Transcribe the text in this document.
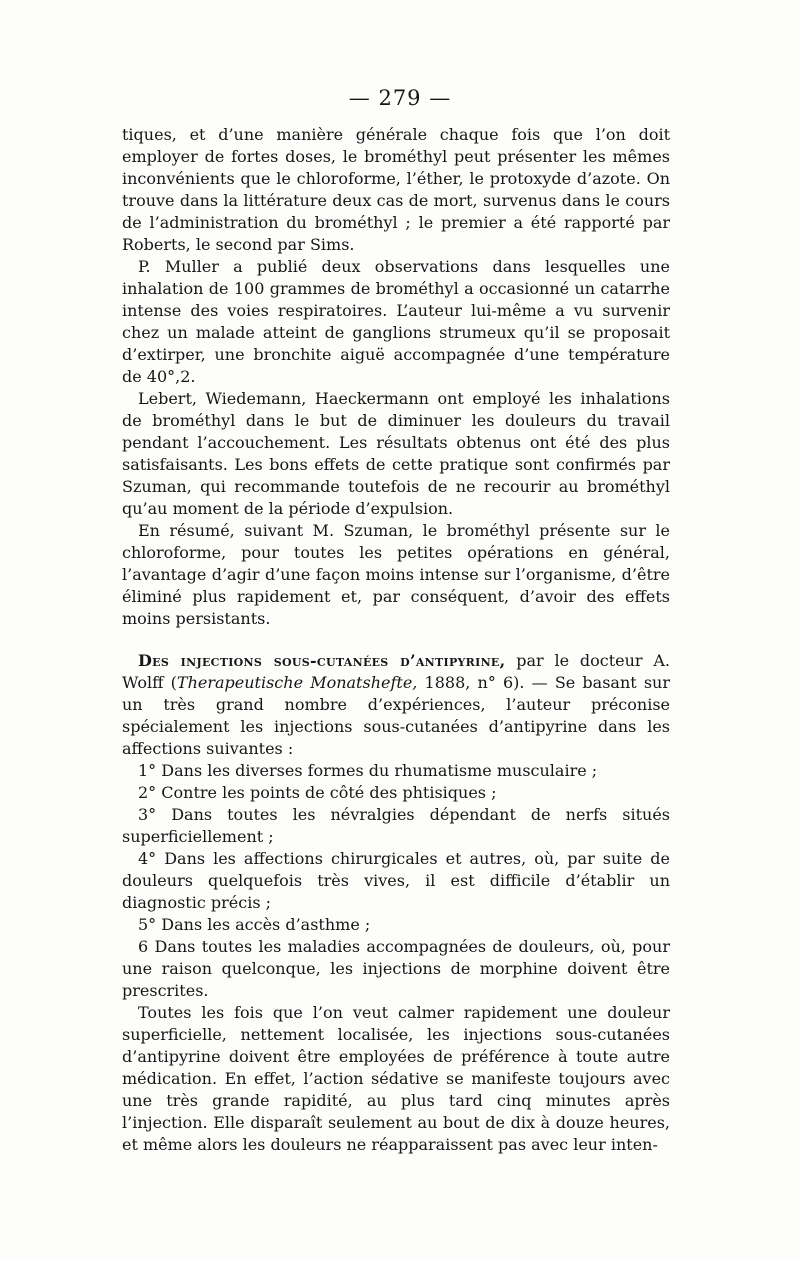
— 279 —

tiques, et d’une manière générale chaque fois que l’on doit employer de fortes doses, le brométhyl peut présenter les mêmes inconvénients que le chloroforme, l’éther, le protoxyde d’azote. On trouve dans la littérature deux cas de mort, survenus dans le cours de l’administration du brométhyl ; le premier a été rapporté par Roberts, le second par Sims.

P. Muller a publié deux observations dans lesquelles une inhalation de 100 grammes de brométhyl a occasionné un catarrhe intense des voies respiratoires. L’auteur lui-même a vu survenir chez un malade atteint de ganglions strumeux qu’il se proposait d’extirper, une bronchite aiguë accompagnée d’une température de 40°,2.

Lebert, Wiedemann, Haeckermann ont employé les inhalations de brométhyl dans le but de diminuer les douleurs du travail pendant l’accouchement. Les résultats obtenus ont été des plus satisfaisants. Les bons effets de cette pratique sont confirmés par Szuman, qui recommande toutefois de ne recourir au brométhyl qu’au moment de la période d’expulsion.

En résumé, suivant M. Szuman, le brométhyl présente sur le chloroforme, pour toutes les petites opérations en général, l’avantage d’agir d’une façon moins intense sur l’organisme, d’être éliminé plus rapidement et, par conséquent, d’avoir des effets moins persistants.

Des injections sous-cutanées d’antipyrine, par le docteur A. Wolff (Therapeutische Monatshefte, 1888, n° 6). — Se basant sur un très grand nombre d’expériences, l’auteur préconise spécialement les injections sous-cutanées d’antipyrine dans les affections suivantes :

1° Dans les diverses formes du rhumatisme musculaire ;

2° Contre les points de côté des phtisiques ;

3° Dans toutes les névralgies dépendant de nerfs situés superficiellement ;

4° Dans les affections chirurgicales et autres, où, par suite de douleurs quelquefois très vives, il est difficile d’établir un diagnostic précis ;

5° Dans les accès d’asthme ;

6 Dans toutes les maladies accompagnées de douleurs, où, pour une raison quelconque, les injections de morphine doivent être prescrites.

Toutes les fois que l’on veut calmer rapidement une douleur superficielle, nettement localisée, les injections sous-cutanées d’antipyrine doivent être employées de préférence à toute autre médication. En effet, l’action sédative se manifeste toujours avec une très grande rapidité, au plus tard cinq minutes après l’injection. Elle disparaît seulement au bout de dix à douze heures, et même alors les douleurs ne réapparaissent pas avec leur inten-
